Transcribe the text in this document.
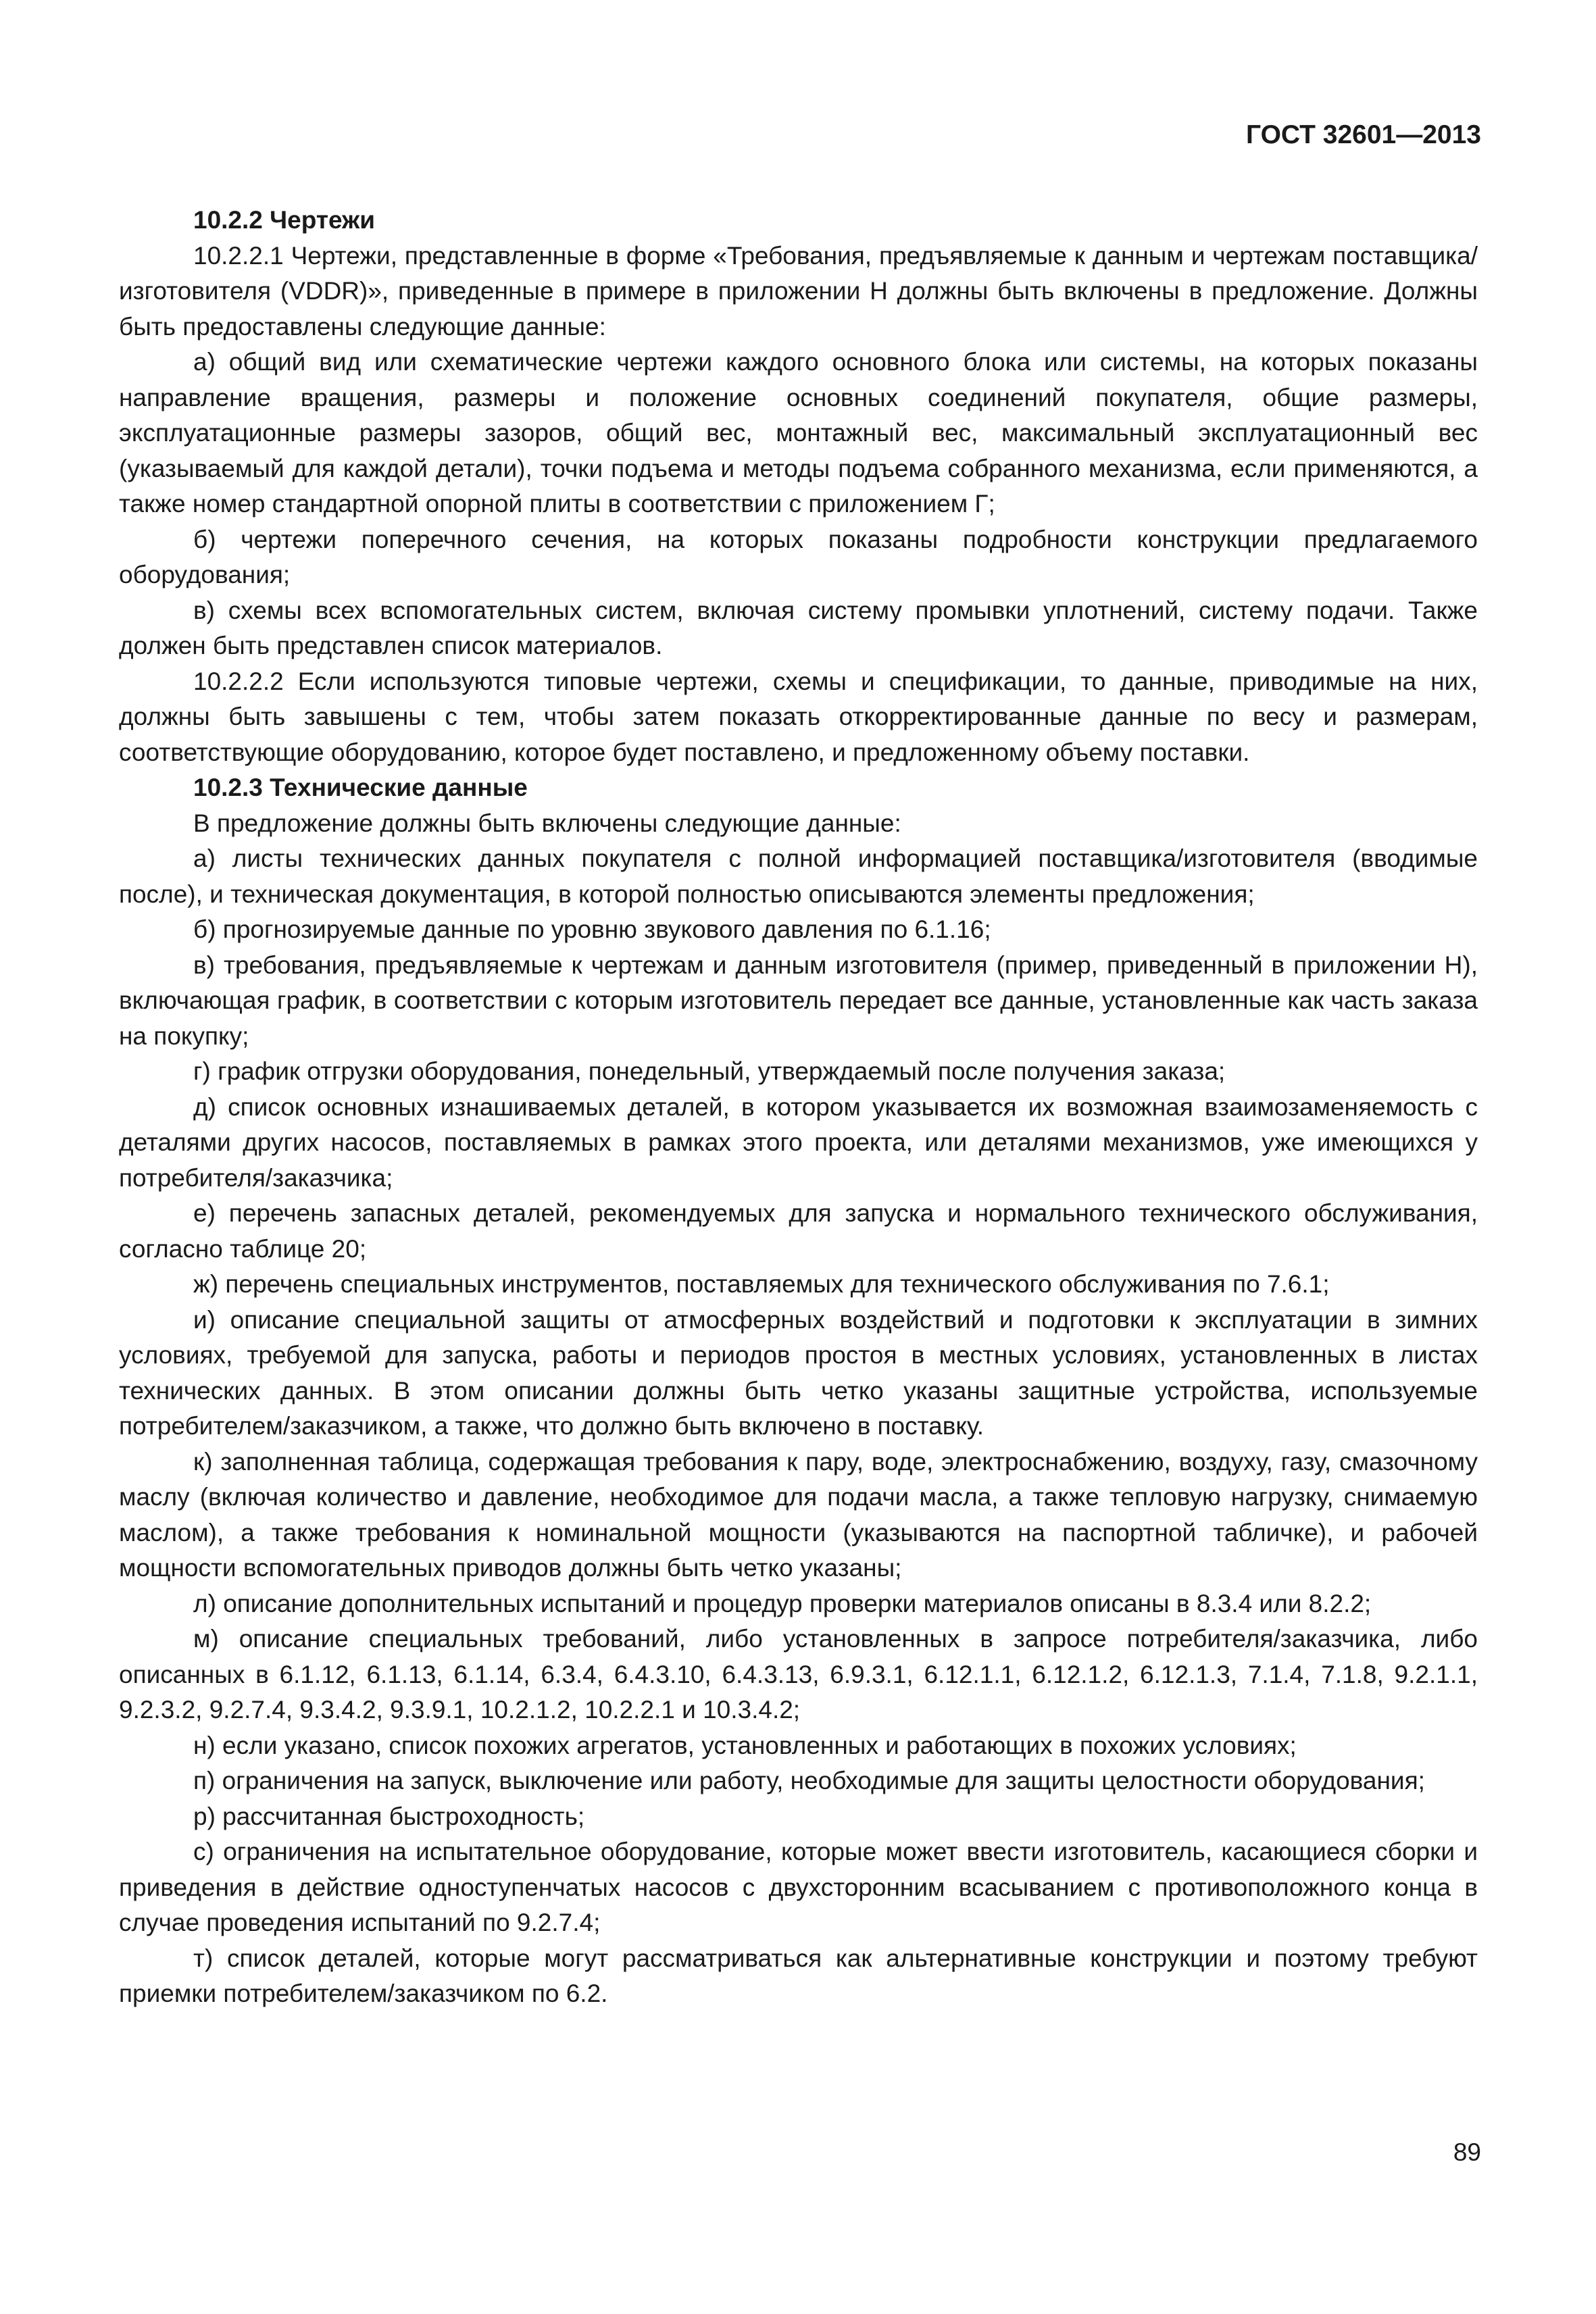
ГОСТ 32601—2013

10.2.2 Чертежи

10.2.2.1 Чертежи, представленные в форме «Требования, предъявляемые к данным и чертежам поставщика/изготовителя (VDDR)», приведенные в примере в приложении Н должны быть включены в предложение. Должны быть предоставлены следующие данные:

а) общий вид или схематические чертежи каждого основного блока или системы, на которых показаны направление вращения, размеры и положение основных соединений покупателя, общие размеры, эксплуатационные размеры зазоров, общий вес, монтажный вес, максимальный эксплуатационный вес (указываемый для каждой детали), точки подъема и методы подъема собранного механизма, если применяются, а также номер стандартной опорной плиты в соответствии с приложением Г;

б) чертежи поперечного сечения, на которых показаны подробности конструкции предлагаемого оборудования;

в) схемы всех вспомогательных систем, включая систему промывки уплотнений, систему подачи. Также должен быть представлен список материалов.

10.2.2.2 Если используются типовые чертежи, схемы и спецификации, то данные, приводимые на них, должны быть завышены с тем, чтобы затем показать откорректированные данные по весу и размерам, соответствующие оборудованию, которое будет поставлено, и предложенному объему поставки.

10.2.3 Технические данные

В предложение должны быть включены следующие данные:

а) листы технических данных покупателя с полной информацией поставщика/изготовителя (вводимые после), и техническая документация, в которой полностью описываются элементы предложения;

б) прогнозируемые данные по уровню звукового давления по 6.1.16;

в) требования, предъявляемые к чертежам и данным изготовителя (пример, приведенный в приложении Н), включающая график, в соответствии с которым изготовитель передает все данные, установленные как часть заказа на покупку;

г) график отгрузки оборудования, понедельный, утверждаемый после получения заказа;

д) список основных изнашиваемых деталей, в котором указывается их возможная взаимозаменяемость с деталями других насосов, поставляемых в рамках этого проекта, или деталями механизмов, уже имеющихся у потребителя/заказчика;

е) перечень запасных деталей, рекомендуемых для запуска и нормального технического обслуживания, согласно таблице 20;

ж) перечень специальных инструментов, поставляемых для технического обслуживания по 7.6.1;

и) описание специальной защиты от атмосферных воздействий и подготовки к эксплуатации в зимних условиях, требуемой для запуска, работы и периодов простоя в местных условиях, установленных в листах технических данных. В этом описании должны быть четко указаны защитные устройства, используемые потребителем/заказчиком, а также, что должно быть включено в поставку.

к) заполненная таблица, содержащая требования к пару, воде, электроснабжению, воздуху, газу, смазочному маслу (включая количество и давление, необходимое для подачи масла, а также тепловую нагрузку, снимаемую маслом), а также требования к номинальной мощности (указываются на паспортной табличке), и рабочей мощности вспомогательных приводов должны быть четко указаны;

л) описание дополнительных испытаний и процедур проверки материалов описаны в 8.3.4 или 8.2.2;

м) описание специальных требований, либо установленных в запросе потребителя/заказчика, либо описанных в 6.1.12, 6.1.13, 6.1.14, 6.3.4, 6.4.3.10, 6.4.3.13, 6.9.3.1, 6.12.1.1, 6.12.1.2, 6.12.1.3, 7.1.4, 7.1.8, 9.2.1.1, 9.2.3.2, 9.2.7.4, 9.3.4.2, 9.3.9.1, 10.2.1.2, 10.2.2.1 и 10.3.4.2;

н) если указано, список похожих агрегатов, установленных и работающих в похожих условиях;

п) ограничения на запуск, выключение или работу, необходимые для защиты целостности оборудования;

р) рассчитанная быстроходность;

с) ограничения на испытательное оборудование, которые может ввести изготовитель, касающиеся сборки и приведения в действие одноступенчатых насосов с двухсторонним всасыванием с противоположного конца в случае проведения испытаний по 9.2.7.4;

т) список деталей, которые могут рассматриваться как альтернативные конструкции и поэтому требуют приемки потребителем/заказчиком по 6.2.

89
